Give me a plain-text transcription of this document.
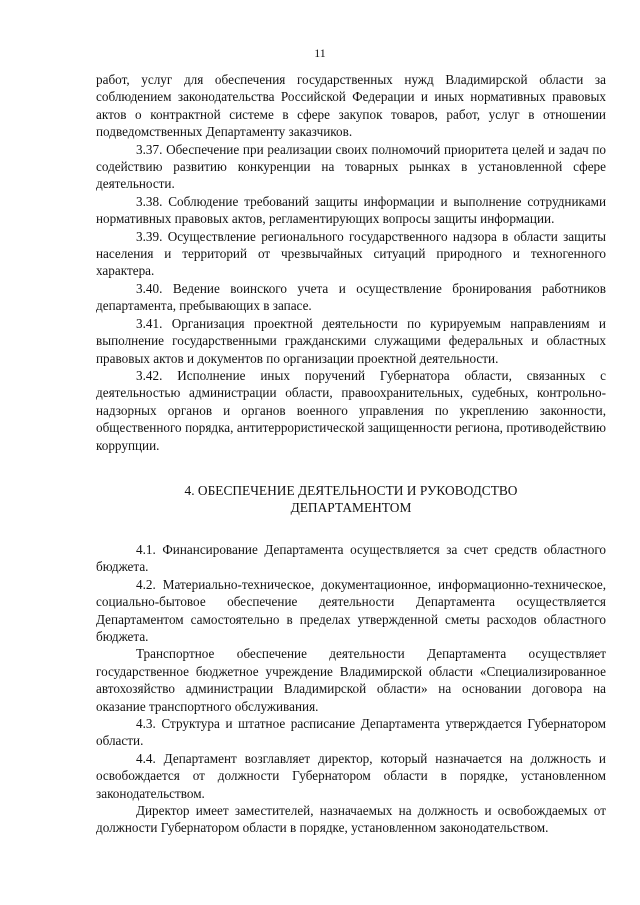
11

работ, услуг для обеспечения государственных нужд Владимирской области за соблюдением законодательства Российской Федерации и иных нормативных правовых актов о контрактной системе в сфере закупок товаров, работ, услуг в отношении подведомственных Департаменту заказчиков.

3.37. Обеспечение при реализации своих полномочий приоритета целей и задач по содействию развитию конкуренции на товарных рынках в установленной сфере деятельности.

3.38. Соблюдение требований защиты информации и выполнение сотрудниками нормативных правовых актов, регламентирующих вопросы защиты информации.

3.39. Осуществление регионального государственного надзора в области защиты населения и территорий от чрезвычайных ситуаций природного и техногенного характера.

3.40. Ведение воинского учета и осуществление бронирования работников департамента, пребывающих в запасе.

3.41. Организация проектной деятельности по курируемым направлениям и выполнение государственными гражданскими служащими федеральных и областных правовых актов и документов по организации проектной деятельности.

3.42. Исполнение иных поручений Губернатора области, связанных с деятельностью администрации области, правоохранительных, судебных, контрольно-надзорных органов и органов военного управления по укреплению законности, общественного порядка, антитеррористической защищенности региона, противодействию коррупции.

4. ОБЕСПЕЧЕНИЕ ДЕЯТЕЛЬНОСТИ И РУКОВОДСТВО
ДЕПАРТАМЕНТОМ

4.1. Финансирование Департамента осуществляется за счет средств областного бюджета.

4.2. Материально-техническое, документационное, информационно-техническое, социально-бытовое обеспечение деятельности Департамента осуществляется Департаментом самостоятельно в пределах утвержденной сметы расходов областного бюджета.

Транспортное обеспечение деятельности Департамента осуществляет государственное бюджетное учреждение Владимирской области «Специализированное автохозяйство администрации Владимирской области» на основании договора на оказание транспортного обслуживания.

4.3. Структура и штатное расписание Департамента утверждается Губернатором области.

4.4. Департамент возглавляет директор, который назначается на должность и освобождается от должности Губернатором области в порядке, установленном законодательством.

Директор имеет заместителей, назначаемых на должность и освобождаемых от должности Губернатором области в порядке, установленном законодательством.
